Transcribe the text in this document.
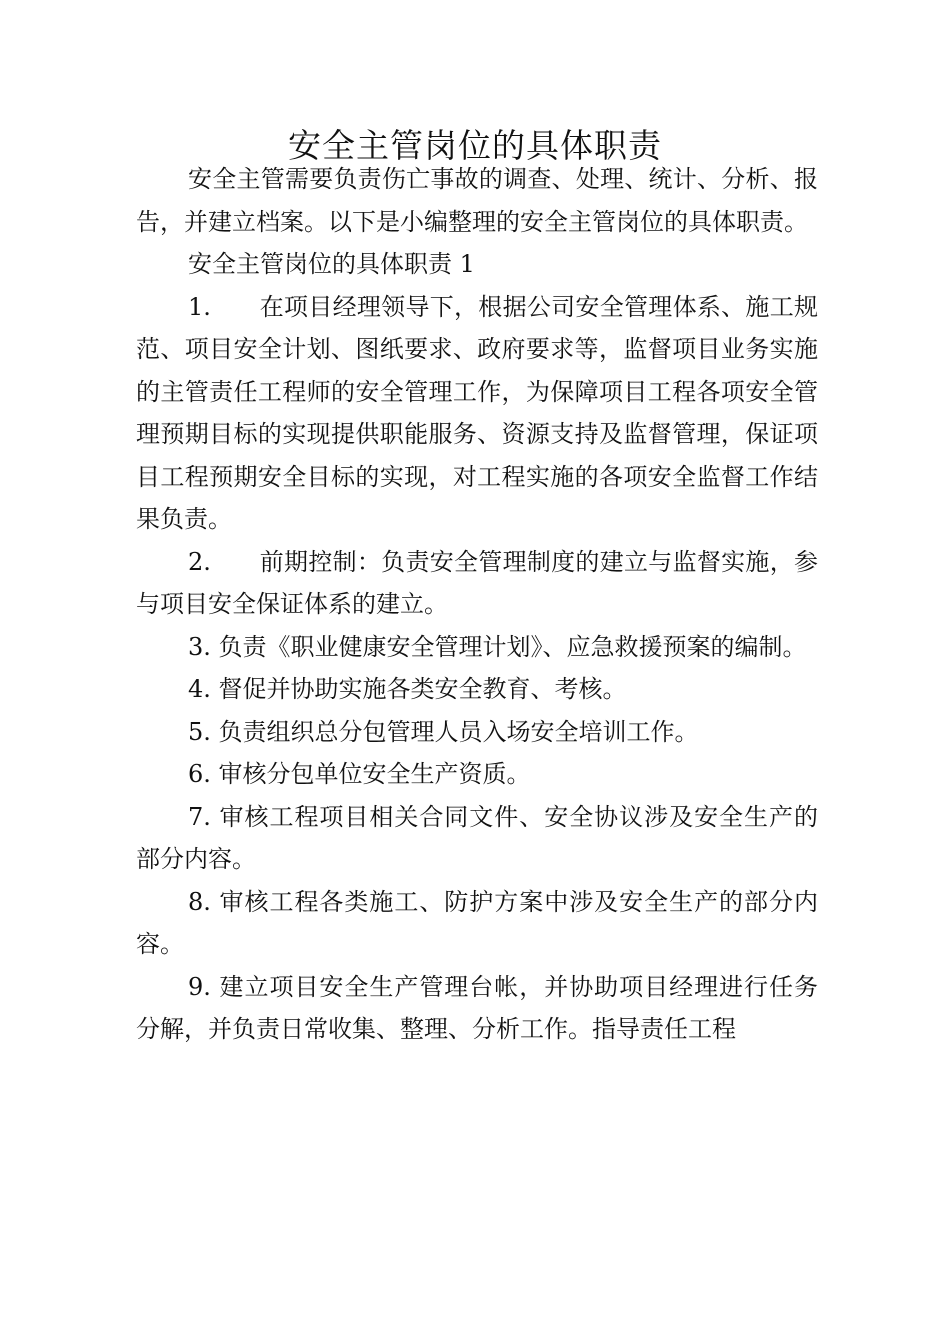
安全主管岗位的具体职责

安全主管需要负责伤亡事故的调查、处理、统计、分析、报告，并建立档案。以下是小编整理的安全主管岗位的具体职责。

安全主管岗位的具体职责 1

1.　　在项目经理领导下，根据公司安全管理体系、施工规范、项目安全计划、图纸要求、政府要求等，监督项目业务实施的主管责任工程师的安全管理工作，为保障项目工程各项安全管理预期目标的实现提供职能服务、资源支持及监督管理，保证项目工程预期安全目标的实现，对工程实施的各项安全监督工作结果负责。

2.　　前期控制：负责安全管理制度的建立与监督实施，参与项目安全保证体系的建立。

3. 负责《职业健康安全管理计划》、应急救援预案的编制。

4. 督促并协助实施各类安全教育、考核。

5. 负责组织总分包管理人员入场安全培训工作。

6. 审核分包单位安全生产资质。

7. 审核工程项目相关合同文件、安全协议涉及安全生产的部分内容。

8. 审核工程各类施工、防护方案中涉及安全生产的部分内容。

9. 建立项目安全生产管理台帐，并协助项目经理进行任务分解，并负责日常收集、整理、分析工作。指导责任工程
